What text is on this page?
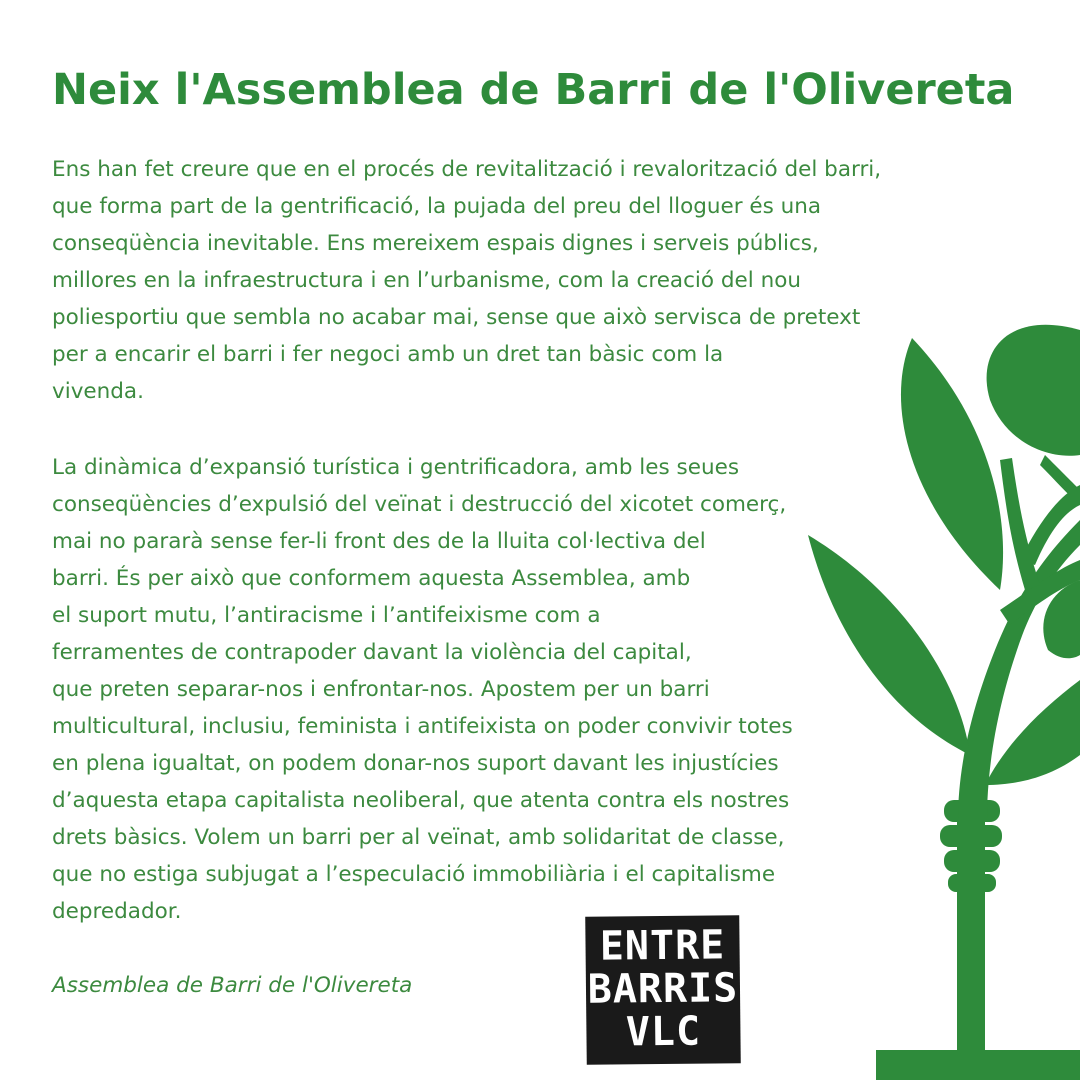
Neix l'Assemblea de Barri de l'Olivereta
Ens han fet creure que en el procés de revitalització i revalorització del barri,
que forma part de la gentrificació, la pujada del preu del lloguer és una
conseqüència inevitable. Ens mereixem espais dignes i serveis públics,
millores en la infraestructura i en l’urbanisme, com la creació del nou
poliesportiu que sembla no acabar mai, sense que això servisca de pretext
per a encarir el barri i fer negoci amb un dret tan bàsic com la
vivenda.
La dinàmica d’expansió turística i gentrificadora, amb les seues
conseqüències d’expulsió del veïnat i destrucció del xicotet comerç,
mai no pararà sense fer-li front des de la lluita col·lectiva del
barri. És per això que conformem aquesta Assemblea, amb
el suport mutu, l’antiracisme i l’antifeixisme com a
ferramentes de contrapoder davant la violència del capital,
que preten separar-nos i enfrontar-nos. Apostem per un barri
multicultural, inclusiu, feminista i antifeixista on poder convivir totes
en plena igualtat, on podem donar-nos suport davant les injustícies
d’aquesta etapa capitalista neoliberal, que atenta contra els nostres
drets bàsics. Volem un barri per al veïnat, amb solidaritat de classe,
que no estiga subjugat a l’especulació immobiliària i el capitalisme
depredador.

Assemblea de Barri de l'Olivereta

ENTRE
BARRIS
VLC
